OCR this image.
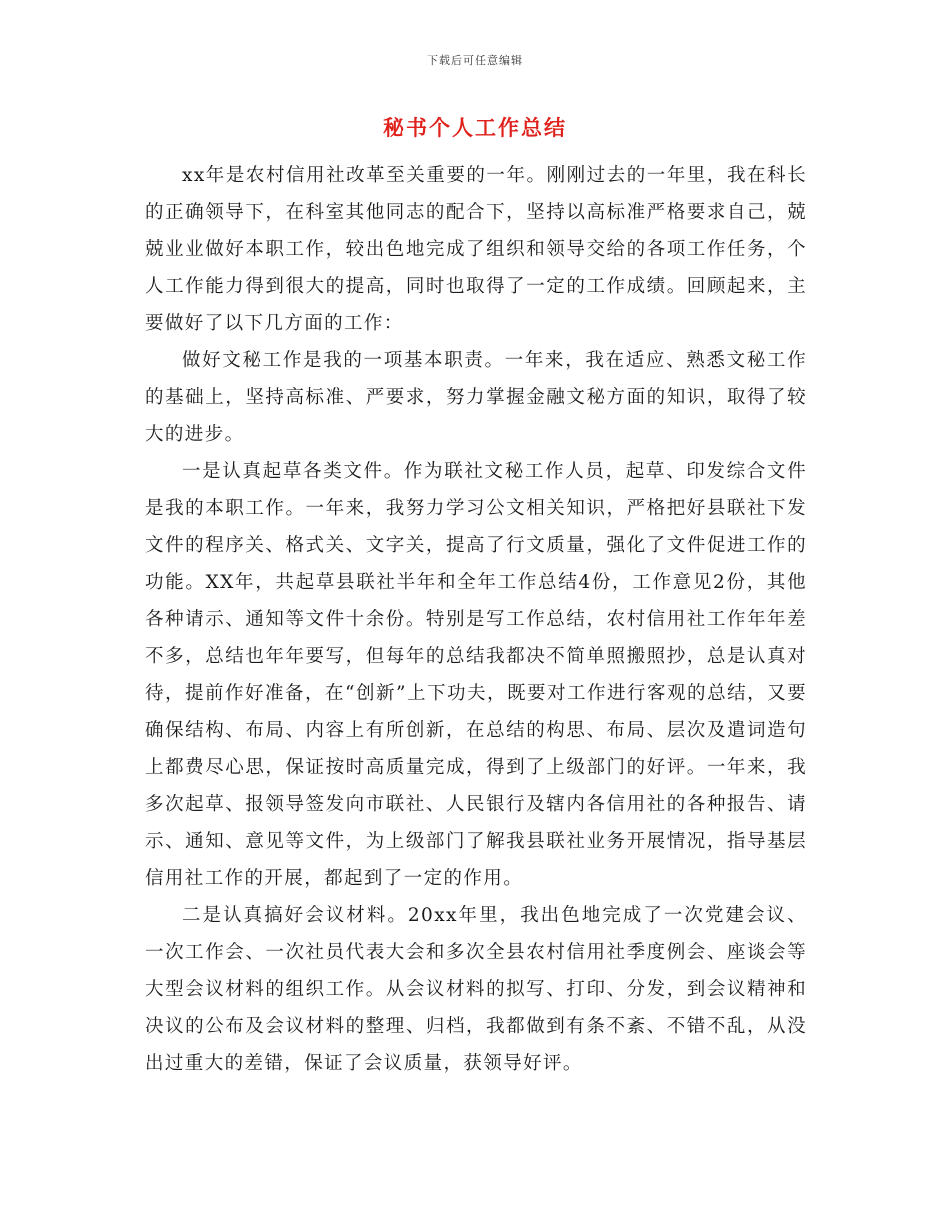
下载后可任意编辑
秘书个人工作总结

xx年是农村信用社改革至关重要的一年。刚刚过去的一年里，我在科长的正确领导下，在科室其他同志的配合下，坚持以高标准严格要求自己，兢兢业业做好本职工作，较出色地完成了组织和领导交给的各项工作任务，个人工作能力得到很大的提高，同时也取得了一定的工作成绩。回顾起来，主要做好了以下几方面的工作：

做好文秘工作是我的一项基本职责。一年来，我在适应、熟悉文秘工作的基础上，坚持高标准、严要求，努力掌握金融文秘方面的知识，取得了较大的进步。

一是认真起草各类文件。作为联社文秘工作人员，起草、印发综合文件是我的本职工作。一年来，我努力学习公文相关知识，严格把好县联社下发文件的程序关、格式关、文字关，提高了行文质量，强化了文件促进工作的功能。XX年，共起草县联社半年和全年工作总结4份，工作意见2份，其他各种请示、通知等文件十余份。特别是写工作总结，农村信用社工作年年差不多，总结也年年要写，但每年的总结我都决不简单照搬照抄，总是认真对待，提前作好准备，在“创新”上下功夫，既要对工作进行客观的总结，又要确保结构、布局、内容上有所创新，在总结的构思、布局、层次及遣词造句上都费尽心思，保证按时高质量完成，得到了上级部门的好评。一年来，我多次起草、报领导签发向市联社、人民银行及辖内各信用社的各种报告、请示、通知、意见等文件，为上级部门了解我县联社业务开展情况，指导基层信用社工作的开展，都起到了一定的作用。

二是认真搞好会议材料。20xx年里，我出色地完成了一次党建会议、一次工作会、一次社员代表大会和多次全县农村信用社季度例会、座谈会等大型会议材料的组织工作。从会议材料的拟写、打印、分发，到会议精神和决议的公布及会议材料的整理、归档，我都做到有条不紊、不错不乱，从没出过重大的差错，保证了会议质量，获领导好评。
